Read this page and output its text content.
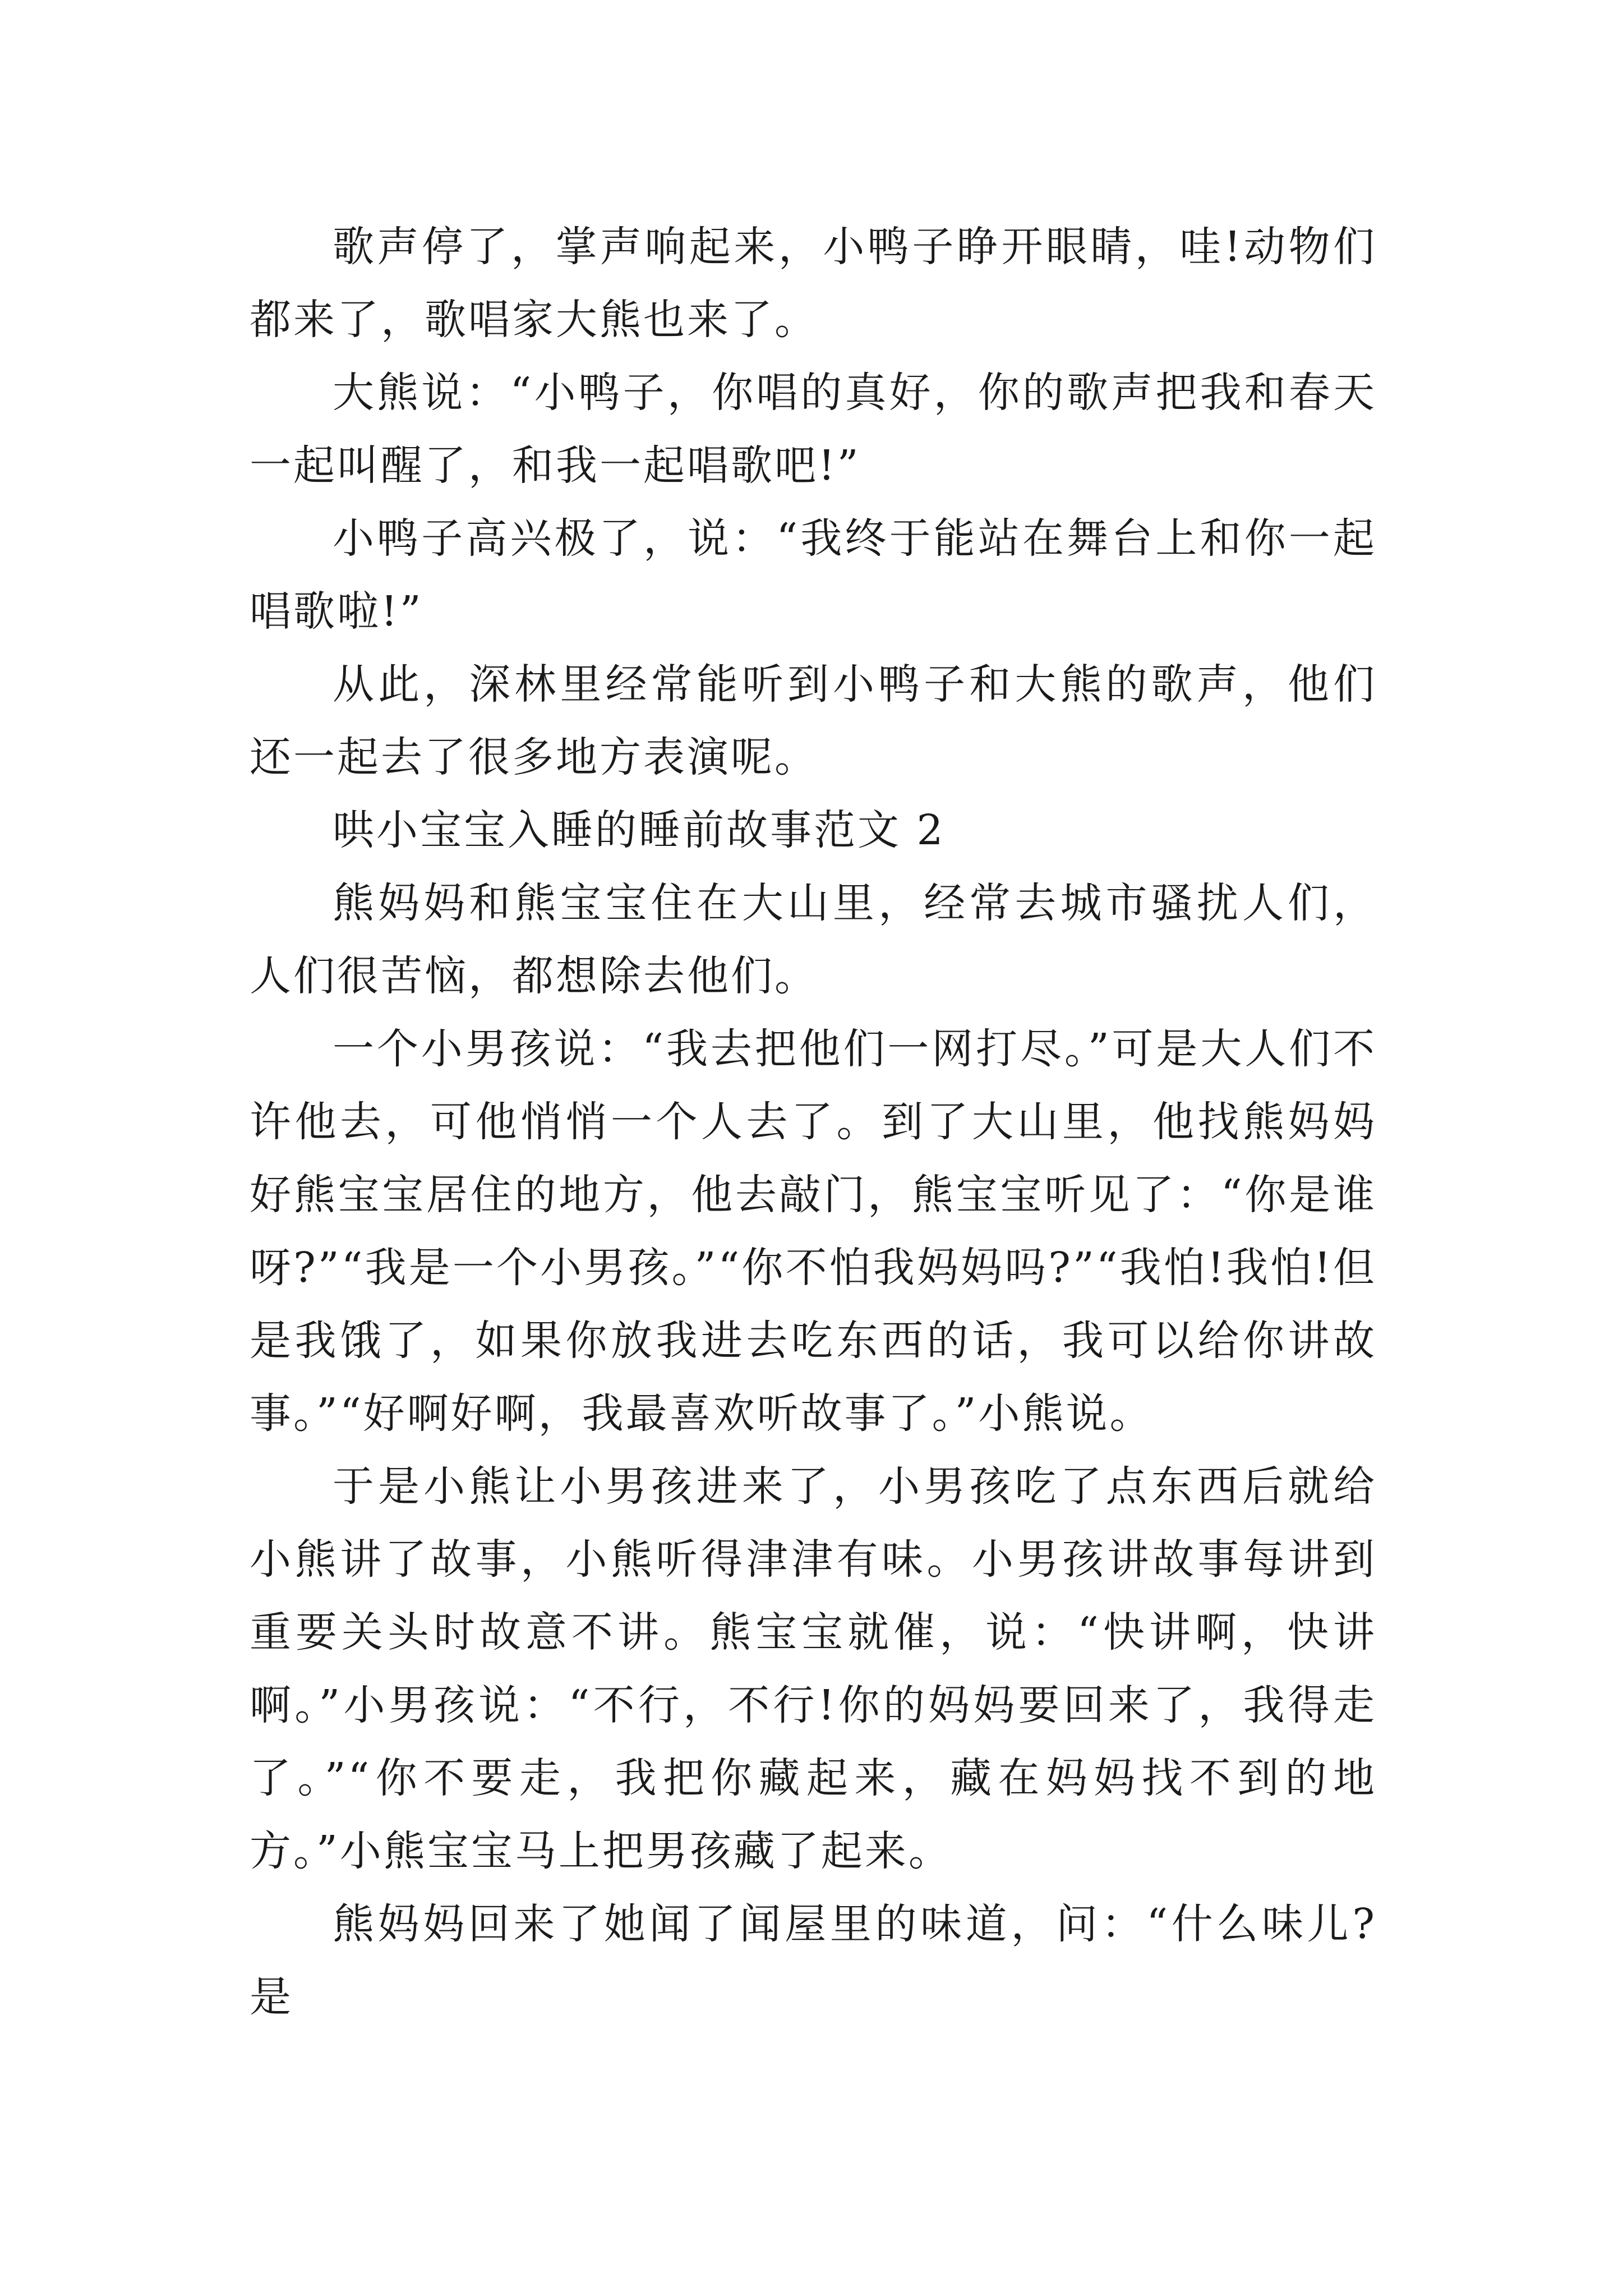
歌声停了，掌声响起来，小鸭子睁开眼睛，哇!动物们都来了，歌唱家大熊也来了。

大熊说：“小鸭子，你唱的真好，你的歌声把我和春天一起叫醒了，和我一起唱歌吧!”

小鸭子高兴极了，说：“我终于能站在舞台上和你一起唱歌啦!”

从此，深林里经常能听到小鸭子和大熊的歌声，他们还一起去了很多地方表演呢。

哄小宝宝入睡的睡前故事范文 2

熊妈妈和熊宝宝住在大山里，经常去城市骚扰人们，人们很苦恼，都想除去他们。

一个小男孩说：“我去把他们一网打尽。”可是大人们不许他去，可他悄悄一个人去了。到了大山里，他找熊妈妈好熊宝宝居住的地方，他去敲门，熊宝宝听见了：“你是谁呀?”“我是一个小男孩。”“你不怕我妈妈吗?”“我怕!我怕!但是我饿了，如果你放我进去吃东西的话，我可以给你讲故事。”“好啊好啊，我最喜欢听故事了。”小熊说。

于是小熊让小男孩进来了，小男孩吃了点东西后就给小熊讲了故事，小熊听得津津有味。小男孩讲故事每讲到重要关头时故意不讲。熊宝宝就催，说：“快讲啊，快讲啊。”小男孩说：“不行，不行!你的妈妈要回来了，我得走了。”“你不要走，我把你藏起来，藏在妈妈找不到的地方。”小熊宝宝马上把男孩藏了起来。

熊妈妈回来了她闻了闻屋里的味道，问：“什么味儿?是
